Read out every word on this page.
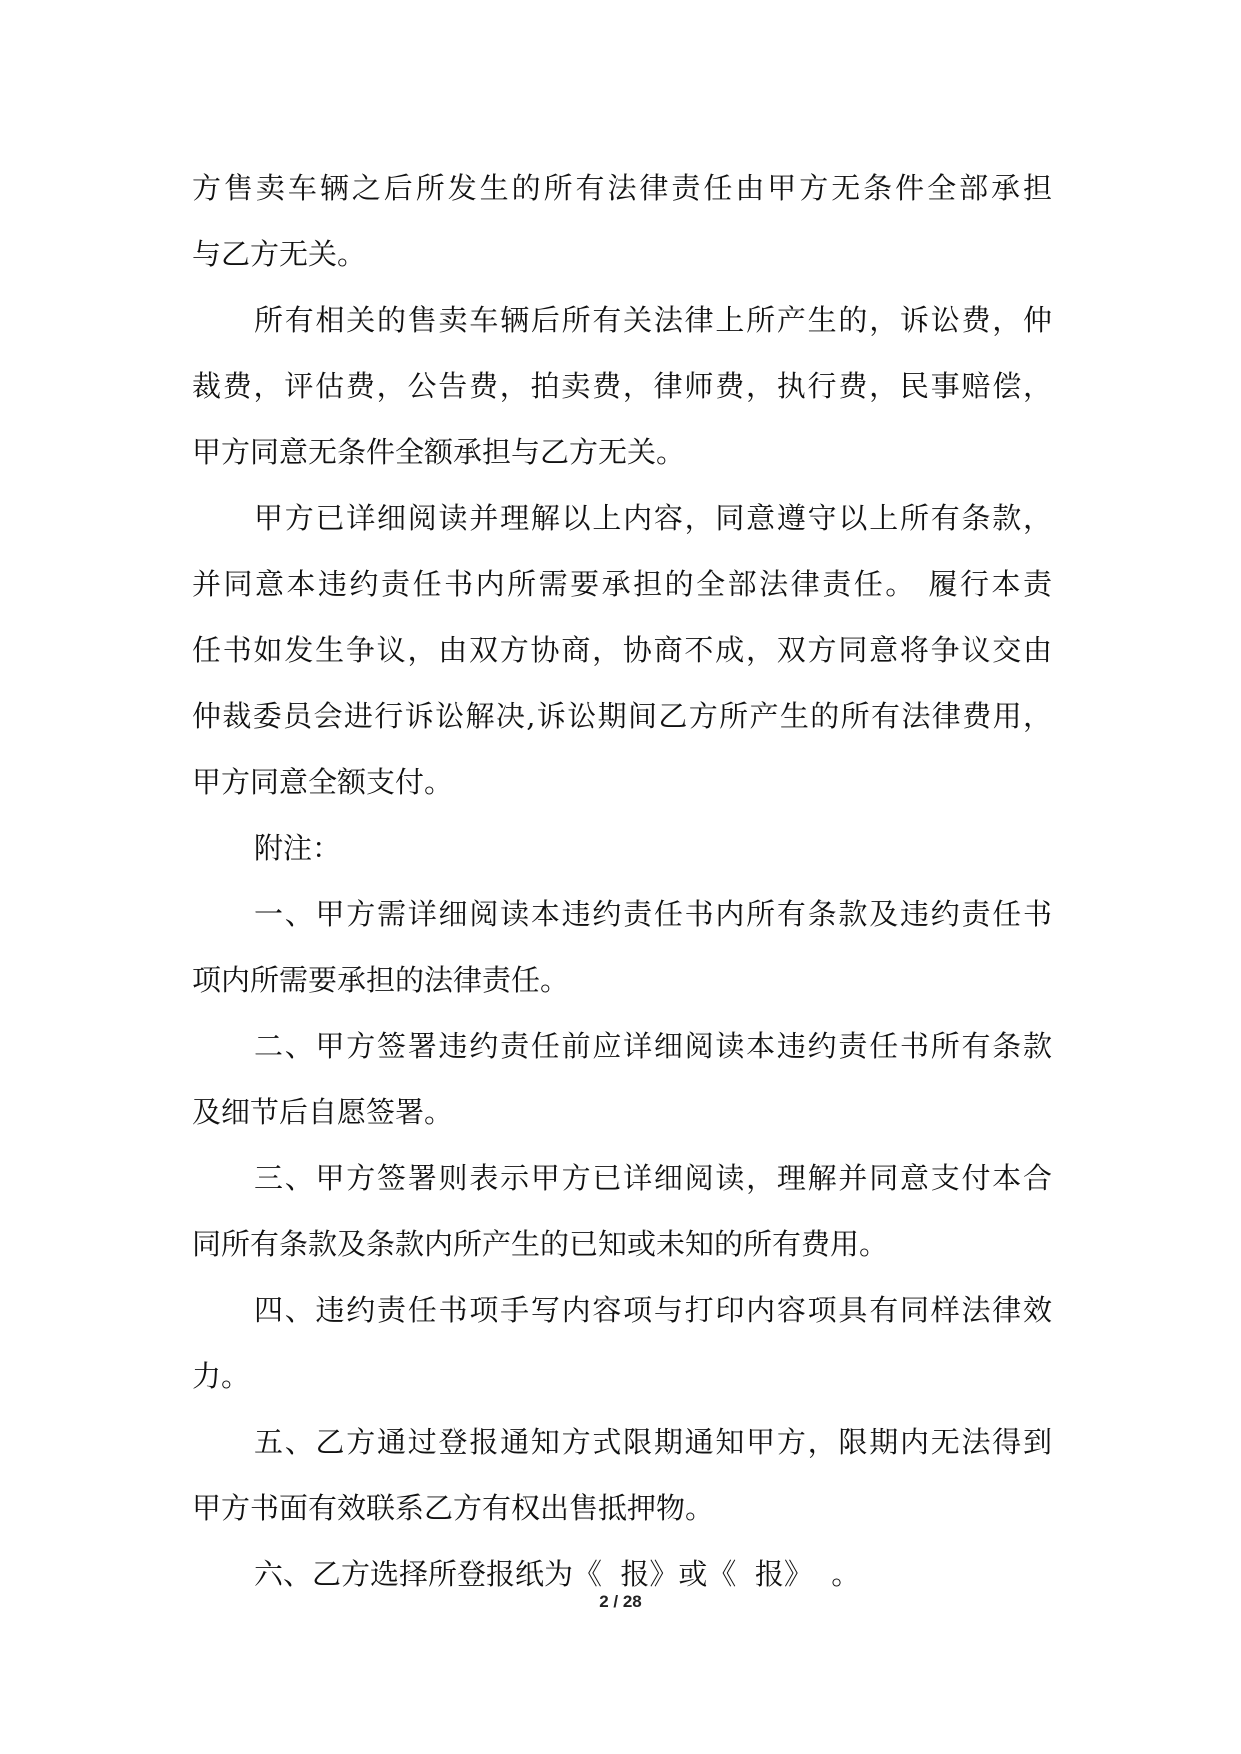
方售卖车辆之后所发生的所有法律责任由甲方无条件全部承担
与乙方无关。
所有相关的售卖车辆后所有关法律上所产生的，诉讼费，仲
裁费，评估费，公告费，拍卖费，律师费，执行费，民事赔偿，
甲方同意无条件全额承担与乙方无关。
甲方已详细阅读并理解以上内容，同意遵守以上所有条款，
并同意本违约责任书内所需要承担的全部法律责任。 履行本责
任书如发生争议，由双方协商，协商不成，双方同意将争议交由
仲裁委员会进行诉讼解决,诉讼期间乙方所产生的所有法律费用，
甲方同意全额支付。
附注：
一、甲方需详细阅读本违约责任书内所有条款及违约责任书
项内所需要承担的法律责任。
二、甲方签署违约责任前应详细阅读本违约责任书所有条款
及细节后自愿签署。
三、甲方签署则表示甲方已详细阅读，理解并同意支付本合
同所有条款及条款内所产生的已知或未知的所有费用。
四、违约责任书项手写内容项与打印内容项具有同样法律效
力。
五、乙方通过登报通知方式限期通知甲方，限期内无法得到
甲方书面有效联系乙方有权出售抵押物。
六、乙方选择所登报纸为《  报》或《  报》  。
2 / 28
